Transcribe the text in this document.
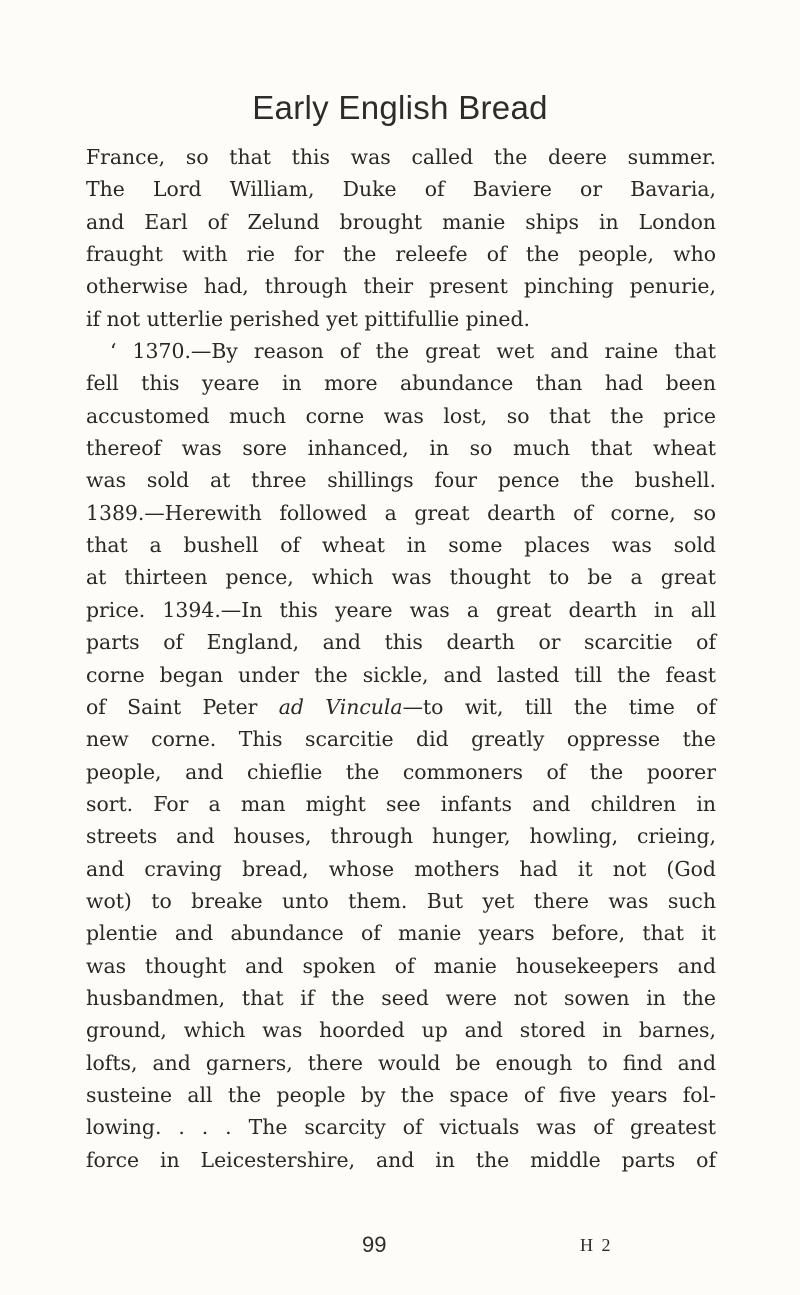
Early English Bread
France, so that this was called the deere summer.
The Lord William, Duke of Baviere or Bavaria,
and Earl of Zelund brought manie ships in London
fraught with rie for the releefe of the people, who
otherwise had, through their present pinching penurie,
if not utterlie perished yet pittifullie pined.
‘ 1370.—By reason of the great wet and raine that
fell this yeare in more abundance than had been
accustomed much corne was lost, so that the price
thereof was sore inhanced, in so much that wheat
was sold at three shillings four pence the bushell.
1389.—Herewith followed a great dearth of corne, so
that a bushell of wheat in some places was sold
at thirteen pence, which was thought to be a great
price. 1394.—In this yeare was a great dearth in all
parts of England, and this dearth or scarcitie of
corne began under the sickle, and lasted till the feast
of Saint Peter ad Vincula—to wit, till the time of
new corne. This scarcitie did greatly oppresse the
people, and chieflie the commoners of the poorer
sort. For a man might see infants and children in
streets and houses, through hunger, howling, crieing,
and craving bread, whose mothers had it not (God
wot) to breake unto them. But yet there was such
plentie and abundance of manie years before, that it
was thought and spoken of manie housekeepers and
husbandmen, that if the seed were not sowen in the
ground, which was hoorded up and stored in barnes,
lofts, and garners, there would be enough to find and
susteine all the people by the space of five years fol-
lowing. . . . The scarcity of victuals was of greatest
force in Leicestershire, and in the middle parts of
99	H 2
